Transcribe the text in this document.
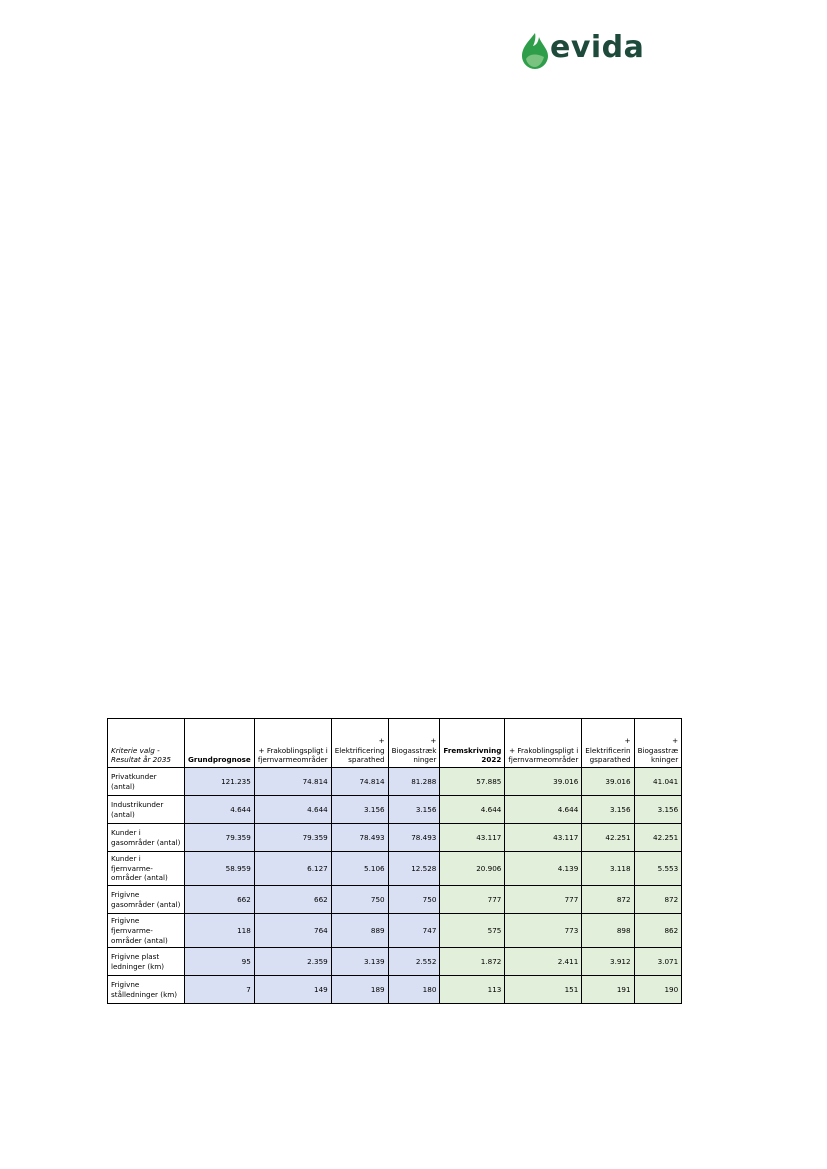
evida
Kriterie valg - Resultat år 2035	Grundprognose	+ Frakoblingspligt i fjernvarmeområder	+ Elektrificering sparathed	+ Biogasstræk ninger	Fremskrivning 2022	+ Frakoblingspligt i fjernvarmeområder	+ Elektrificerin gsparathed	+ Biogasstræ kninger
Privatkunder (antal)	121.235	74.814	74.814	81.288	57.885	39.016	39.016	41.041
Industrikunder (antal)	4.644	4.644	3.156	3.156	4.644	4.644	3.156	3.156
Kunder i gasområder (antal)	79.359	79.359	78.493	78.493	43.117	43.117	42.251	42.251
Kunder i fjernvarme-områder (antal)	58.959	6.127	5.106	12.528	20.906	4.139	3.118	5.553
Frigivne gasområder (antal)	662	662	750	750	777	777	872	872
Frigivne fjernvarme-områder (antal)	118	764	889	747	575	773	898	862
Frigivne plast ledninger (km)	95	2.359	3.139	2.552	1.872	2.411	3.912	3.071
Frigivne stålledninger (km)	7	149	189	180	113	151	191	190
